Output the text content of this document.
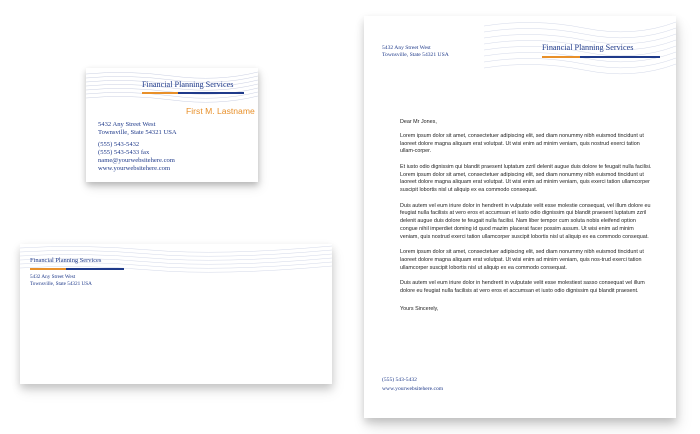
Financial Planning Services
First M. Lastname
5432 Any Street West
Townsville, State 54321 USA
(555) 543-5432
(555) 543-5433 fax
name@yourwebsitehere.com
www.yourwebsitehere.com
Financial Planning Services
5432 Any Street West
Townsville, State 54321 USA
5432 Any Street West
Townsville, State 54321 USA
Financial Planning Services
(555) 543-5432
www.yourwebsitehere.com

Dear Mr Jones,

Lorem ipsum dolor sit amet, consectetuer adipiscing elit, sed diam nonummy nibh euismod tincidunt ut laoreet dolore magna aliquam erat volutpat. Ut wisi enim ad minim veniam, quis nostrud exerci tation ullam-corper.

Et iusto odio dignissim qui blandit praesent luptatum zzril delenit augue duis dolore te feugait nulla facilisi. Lorem ipsum dolor sit amet, consectetuer adipiscing elit, sed diam nonummy nibh euismod tincidunt ut laoreet dolore magna aliquam erat volutpat. Ut wisi enim ad minim veniam, quis exerci tation ullamcorper suscipit lobortis nisl ut aliquip ex ea commodo consequat.

Duis autem vel eum iriure dolor in hendrerit in vulputate velit esse molestie consequat, vel illum dolore eu feugiat nulla facilisis at vero eros et accumsan et iusto odio dignissim qui blandit praesent luptatum zzril delenit augue duis dolore te feugait nulla facilisi. Nam liber tempor cum soluta nobis eleifend option congue nihil imperdiet doming id quod mazim placerat facer possim assum. Ut wisi enim ad minim veniam, quis nostrud exerci tation ullamcorper suscipit lobortis nisl ut aliquip ex ea commodo consequat.

Lorem ipsum dolor sit amet, consectetuer adipiscing elit, sed diam nonummy nibh euismod tincidunt ut laoreet dolore magna aliquam erat volutpat. Ut wisi enim ad minim veniam, quis nos-trud exerci tation ullamcorper suscipit lobortis nisl ut aliquip ex ea commodo consequat.

Duis autem vel eum iriure dolor in hendrerit in vulputate velit esse molestiest sasso consequat vel illum dolore eu feugiat nulla facilisis at vero eros et accumsan et iusto odio dignissim qui blandit praesent.

Yours Sincerely,
